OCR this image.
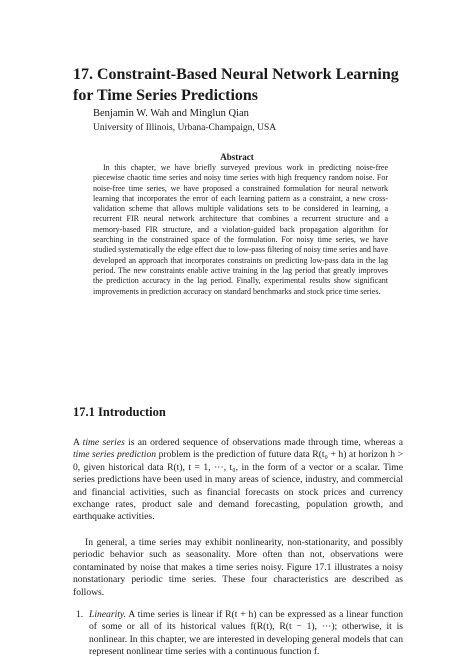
17. Constraint-Based Neural Network Learning for Time Series Predictions
Benjamin W. Wah and Minglun Qian
University of Illinois, Urbana-Champaign, USA
Abstract

In this chapter, we have briefly surveyed previous work in predicting noise-free piecewise chaotic time series and noisy time series with high frequency random noise. For noise-free time series, we have proposed a constrained formulation for neural network learning that incorporates the error of each learning pattern as a constraint, a new cross-validation scheme that allows multiple validations sets to be considered in learning, a recurrent FIR neural network architecture that combines a recurrent structure and a memory-based FIR structure, and a violation-guided back propagation algorithm for searching in the constrained space of the formulation. For noisy time series, we have studied systematically the edge effect due to low-pass filtering of noisy time series and have developed an approach that incorporates constraints on predicting low-pass data in the lag period. The new constraints enable active training in the lag period that greatly improves the prediction accuracy in the lag period. Finally, experimental results show significant improvements in prediction accuracy on standard benchmarks and stock price time series.

17.1 Introduction

A time series is an ordered sequence of observations made through time, whereas a time series prediction problem is the prediction of future data R(t₀ + h) at horizon h > 0, given historical data R(t), t = 1, ···, t₀, in the form of a vector or a scalar. Time series predictions have been used in many areas of science, industry, and commercial and financial activities, such as financial forecasts on stock prices and currency exchange rates, product sale and demand forecasting, population growth, and earthquake activities.

In general, a time series may exhibit nonlinearity, non-stationarity, and possibly periodic behavior such as seasonality. More often than not, observations were contaminated by noise that makes a time series noisy. Figure 17.1 illustrates a noisy nonstationary periodic time series. These four characteristics are described as follows.

1. Linearity. A time series is linear if R(t + h) can be expressed as a linear function of some or all of its historical values f(R(t), R(t − 1), ···); otherwise, it is nonlinear. In this chapter, we are interested in developing general models that can represent nonlinear time series with a continuous function f.
